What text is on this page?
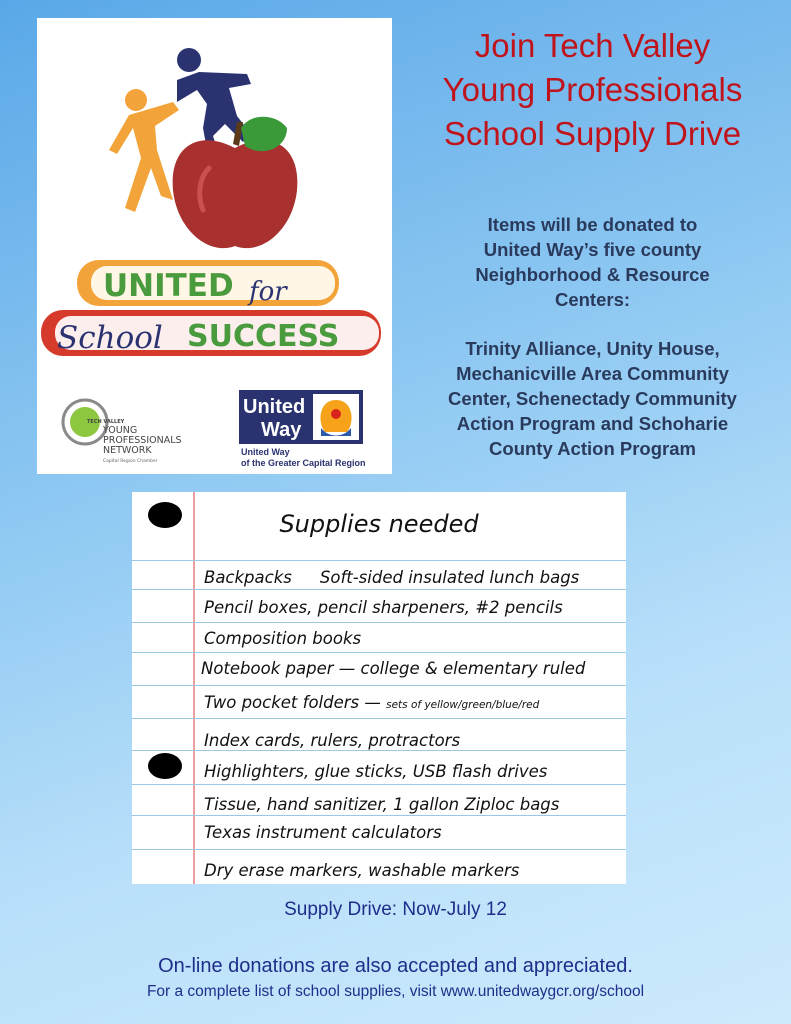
UNITED for
School SUCCESS
TECH VALLEY
YOUNG
PROFESSIONALS
NETWORK
Capital Region Chamber
United
Way
United Way
of the Greater Capital Region
Join Tech Valley
Young Professionals
School Supply Drive

Items will be donated to
United Way’s five county
Neighborhood & Resource
Centers:

Trinity Alliance, Unity House,
Mechanicville Area Community
Center, Schenectady Community
Action Program and Schoharie
County Action Program

Supplies needed
Backpacks Soft-sided insulated lunch bags
Pencil boxes, pencil sharpeners, #2 pencils
Composition books
Notebook paper — college & elementary ruled
Two pocket folders — sets of yellow/green/blue/red
Index cards, rulers, protractors
Highlighters, glue sticks, USB flash drives
Tissue, hand sanitizer, 1 gallon Ziploc bags
Texas instrument calculators
Dry erase markers, washable markers
Supply Drive: Now-July 12
On-line donations are also accepted and appreciated.
For a complete list of school supplies, visit www.unitedwaygcr.org/school
